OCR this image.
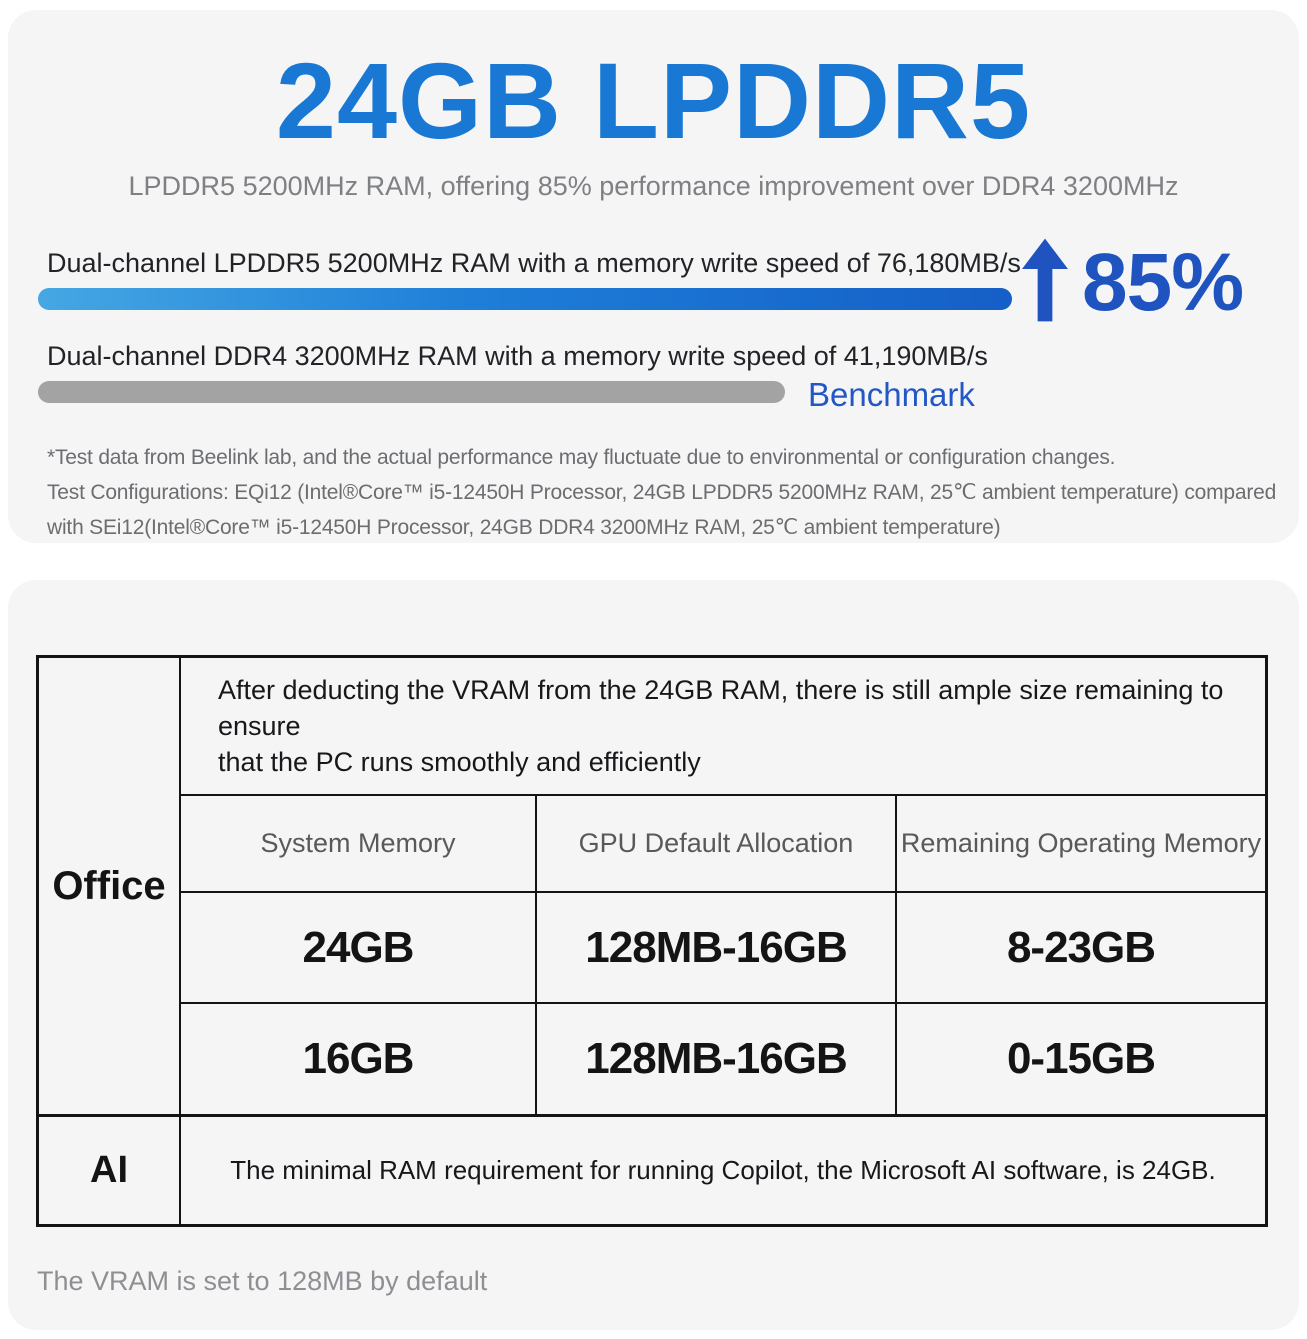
24GB LPDDR5
LPDDR5 5200MHz RAM, offering 85% performance improvement over DDR4 3200MHz
Dual-channel LPDDR5 5200MHz RAM with a memory write speed of 76,180MB/s 85%
Dual-channel DDR4 3200MHz RAM with a memory write speed of 41,190MB/s
Benchmark
*Test data from Beelink lab, and the actual performance may fluctuate due to environmental or configuration changes.
Test Configurations: EQi12 (Intel®Core™ i5-12450H Processor, 24GB LPDDR5 5200MHz RAM, 25℃ ambient temperature) compared
with SEi12(Intel®Core™ i5-12450H Processor, 24GB DDR4 3200MHz RAM, 25℃ ambient temperature)
Office
After deducting the VRAM from the 24GB RAM, there is still ample size remaining to ensure
that the PC runs smoothly and efficiently
System Memory	GPU Default Allocation	Remaining Operating Memory
24GB	128MB-16GB	8-23GB
16GB	128MB-16GB	0-15GB
AI	The minimal RAM requirement for running Copilot, the Microsoft AI software, is 24GB.
The VRAM is set to 128MB by default
